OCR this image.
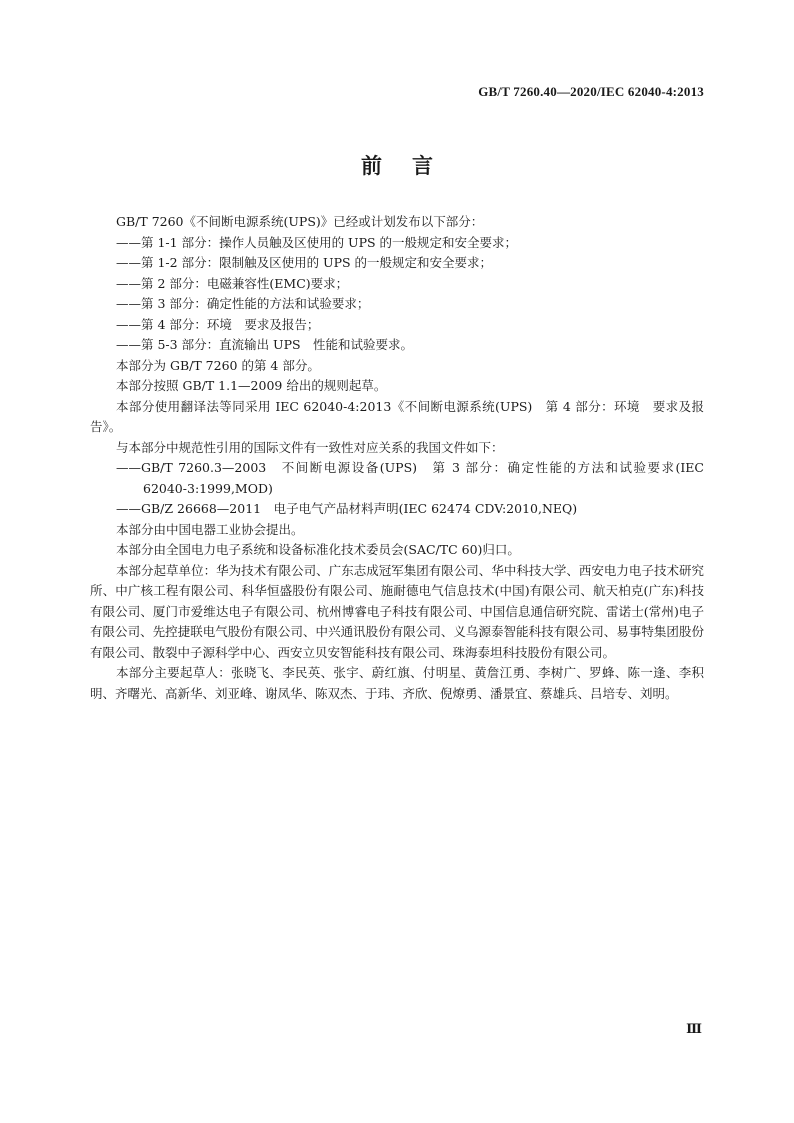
GB/T 7260.40—2020/IEC 62040-4:2013
前言

GB/T 7260《不间断电源系统(UPS)》已经或计划发布以下部分：

——第 1-1 部分：操作人员触及区使用的 UPS 的一般规定和安全要求；

——第 1-2 部分：限制触及区使用的 UPS 的一般规定和安全要求；

——第 2 部分：电磁兼容性(EMC)要求；

——第 3 部分：确定性能的方法和试验要求；

——第 4 部分：环境　要求及报告；

——第 5-3 部分：直流输出 UPS　性能和试验要求。

本部分为 GB/T 7260 的第 4 部分。

本部分按照 GB/T 1.1—2009 给出的规则起草。

本部分使用翻译法等同采用 IEC 62040-4:2013《不间断电源系统(UPS)　第 4 部分：环境　要求及报告》。

与本部分中规范性引用的国际文件有一致性对应关系的我国文件如下：

——GB/T 7260.3—2003　不间断电源设备(UPS)　第 3 部分：确定性能的方法和试验要求(IEC 62040-3:1999,MOD)

——GB/Z 26668—2011　电子电气产品材料声明(IEC 62474 CDV:2010,NEQ)

本部分由中国电器工业协会提出。

本部分由全国电力电子系统和设备标准化技术委员会(SAC/TC 60)归口。

本部分起草单位：华为技术有限公司、广东志成冠军集团有限公司、华中科技大学、西安电力电子技术研究所、中广核工程有限公司、科华恒盛股份有限公司、施耐德电气信息技术(中国)有限公司、航天柏克(广东)科技有限公司、厦门市爱维达电子有限公司、杭州博睿电子科技有限公司、中国信息通信研究院、雷诺士(常州)电子有限公司、先控捷联电气股份有限公司、中兴通讯股份有限公司、义乌源泰智能科技有限公司、易事特集团股份有限公司、散裂中子源科学中心、西安立贝安智能科技有限公司、珠海泰坦科技股份有限公司。

本部分主要起草人：张晓飞、李民英、张宇、蔚红旗、付明星、黄詹江勇、李树广、罗蜂、陈一逢、李积明、齐曙光、高新华、刘亚峰、谢凤华、陈双杰、于玮、齐欣、倪燎勇、潘景宜、蔡雄兵、吕培专、刘明。

Ⅲ
